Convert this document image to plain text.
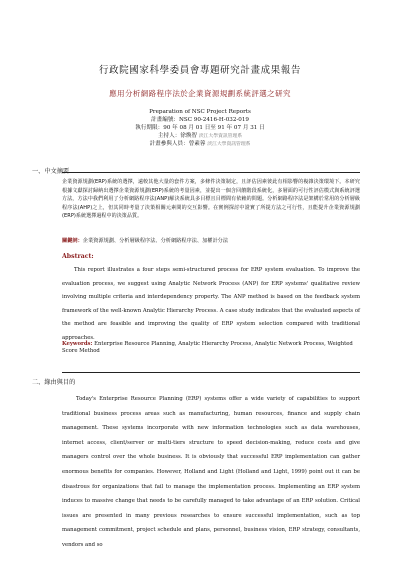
行政院國家科學委員會專題研究計畫成果報告
應用分析網路程序法於企業資源規劃系統評選之研究
Preparation of NSC Project Reports
計畫編號：NSC 90-2416-H-032-019
執行期限：90 年 08 月 01 日至 91 年 07 月 31 日
主持人：徐煥智 淡江大學資訊管理系
計畫參與人員：曾素蓉 淡江大學資訊管理系
一、中文摘要
企業資源規劃(ERP)系統的選擇，遠較其他大量的套件方案，多條件決策制定，且評估因素彼此有相影響的複雜決策環境下。本研究根據文獻探討歸納出選擇企業資源規劃(ERP)系統的考量因素，並提出一個含回饋階段系統化，多層面的可行性評估模式與系統評選方法，方法中我們利用了分析網路程序法(ANP)解決系統具多目標且目標間有依賴的問題。分析網路程序法是架構於常用的分析層級程序法(AHP)之上，但其同時考量了決策相關元素間的交互影響。在實例探討中證實了所提方法之可行性，且能提升企業資源規劃(ERP)系統選擇過程中的決策品質。
關鍵詞：企業資源規劃、分析層級程序法、分析網路程序法、加權計分法
Abstract:

This report illustrates a four steps semi-structured process for ERP system evaluation. To improve the evaluation process, we suggest using Analytic Network Process (ANP) for ERP systems' qualitative review involving multiple criteria and interdependency property. The ANP method is based on the feedback system framework of the well-known Analytic Hierarchy Process. A case study indicates that the evaluated aspects of the method are feasible and improving the quality of ERP system selection compared with traditional approaches.

Keywords: Enterprise Resource Planning, Analytic Hierarchy Process, Analytic Network Process, Weighted Score Method
二、緣由與目的

Today's Enterprise Resource Planning (ERP) systems offer a wide variety of capabilities to support traditional business process areas such as manufacturing, human resources, finance and supply chain management. These systems incorporate with new information technologies such as data warehouses, internet access, client/server or multi-tiers structure to speed decision-making, reduce costs and give managers control over the whole business. It is obviously that successful ERP implementation can gather enormous benefits for companies. However, Holland and Light (Holland and Light, 1999) point out it can be disastrous for organizations that fail to manage the implementation process. Implementing an ERP system induces to massive change that needs to be carefully managed to take advantage of an ERP solution. Critical issues are presented in many previous researches to ensure successful implementation, such as top management commitment, project schedule and plans, personnel, business vision, ERP strategy, consultants, vendors and so
